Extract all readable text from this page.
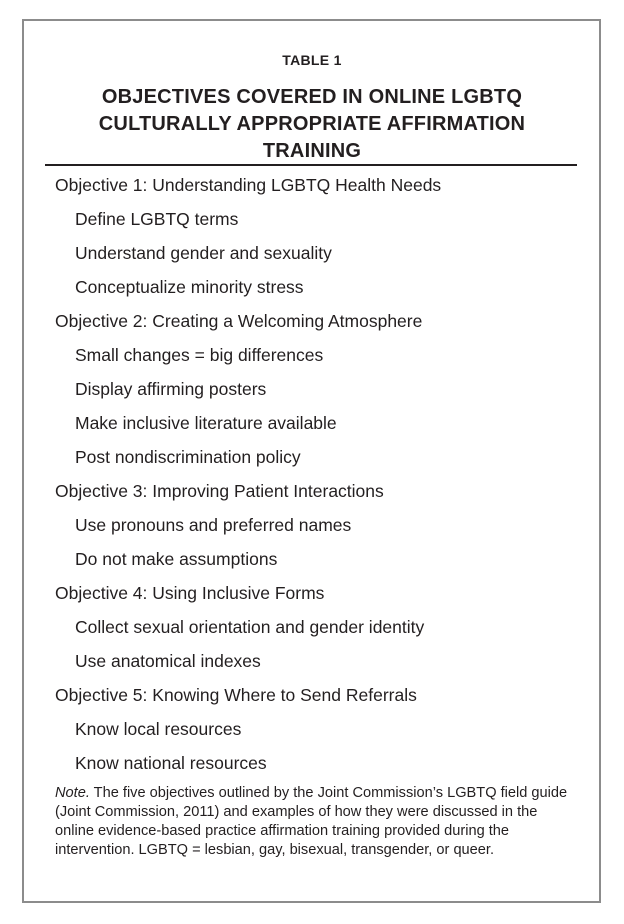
TABLE 1
OBJECTIVES COVERED IN ONLINE LGBTQ
CULTURALLY APPROPRIATE AFFIRMATION
TRAINING
Objective 1: Understanding LGBTQ Health Needs
Define LGBTQ terms
Understand gender and sexuality
Conceptualize minority stress
Objective 2: Creating a Welcoming Atmosphere
Small changes = big differences
Display affirming posters
Make inclusive literature available
Post nondiscrimination policy
Objective 3: Improving Patient Interactions
Use pronouns and preferred names
Do not make assumptions
Objective 4: Using Inclusive Forms
Collect sexual orientation and gender identity
Use anatomical indexes
Objective 5: Knowing Where to Send Referrals
Know local resources
Know national resources
Note. The five objectives outlined by the Joint Commission’s LGBTQ field guide (Joint Commission, 2011) and examples of how they were discussed in the online evidence-based practice affirmation training provided during the intervention. LGBTQ = lesbian, gay, bisexual, transgender, or queer.
